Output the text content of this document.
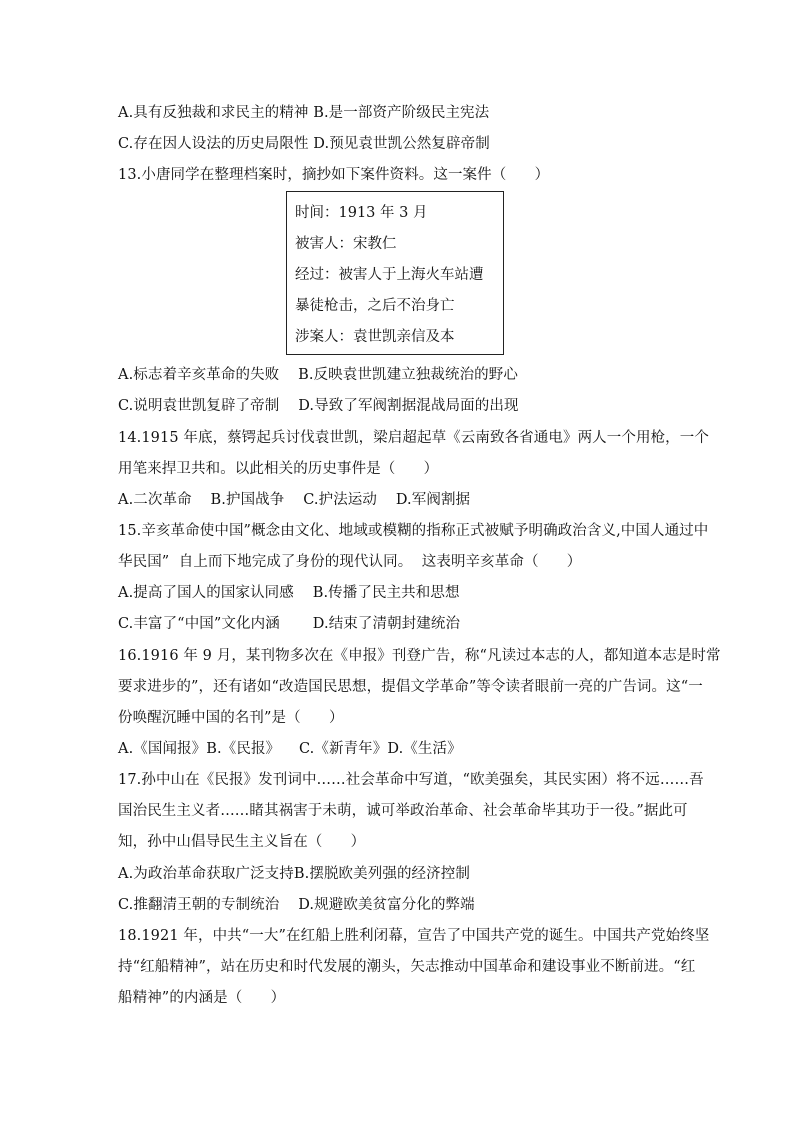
A.具有反独裁和求民主的精神 B.是一部资产阶级民主宪法
C.存在因人设法的历史局限性 D.预见袁世凯公然复辟帝制
13.小唐同学在整理档案时，摘抄如下案件资料。这一案件（      ）
时间：1913 年 3 月
被害人：宋教仁
经过：被害人于上海火车站遭
暴徒枪击，之后不治身亡
涉案人：袁世凯亲信及本
A.标志着辛亥革命的失败    B.反映袁世凯建立独裁统治的野心
C.说明袁世凯复辟了帝制    D.导致了军阀割据混战局面的出现
14.1915 年底，蔡锷起兵讨伐袁世凯，梁启超起草《云南致各省通电》两人一个用枪，一个
用笔来捍卫共和。以此相关的历史事件是（      ）
A.二次革命    B.护国战争    C.护法运动    D.军阀割据
15.辛亥革命使中国”概念由文化、地域或模糊的指称正式被赋予明确政治含义,中国人通过中
华民国”  自上而下地完成了身份的现代认同。  这表明辛亥革命（      ）
A.提高了国人的国家认同感    B.传播了民主共和思想
C.丰富了“中国”文化内涵       D.结束了清朝封建统治
16.1916 年 9 月，某刊物多次在《申报》刊登广告，称“凡读过本志的人，都知道本志是时常
要求进步的”，还有诸如“改造国民思想，提倡文学革命”等令读者眼前一亮的广告词。这“一
份唤醒沉睡中国的名刊”是（      ）
A.《国闻报》B.《民报》    C.《新青年》D.《生活》
17.孙中山在《民报》发刊词中……社会革命中写道，“欧美强矣，其民实困）将不远……吾
国治民生主义者……睹其祸害于未萌，诚可举政治革命、社会革命毕其功于一役。”据此可
知，孙中山倡导民生主义旨在（      ）
A.为政治革命获取广泛支持B.摆脱欧美列强的经济控制
C.推翻清王朝的专制统治    D.规避欧美贫富分化的弊端
18.1921 年，中共“一大”在红船上胜利闭幕，宣告了中国共产党的诞生。中国共产党始终坚
持“红船精神”，站在历史和时代发展的潮头，矢志推动中国革命和建设事业不断前进。“红
船精神”的内涵是（      ）
